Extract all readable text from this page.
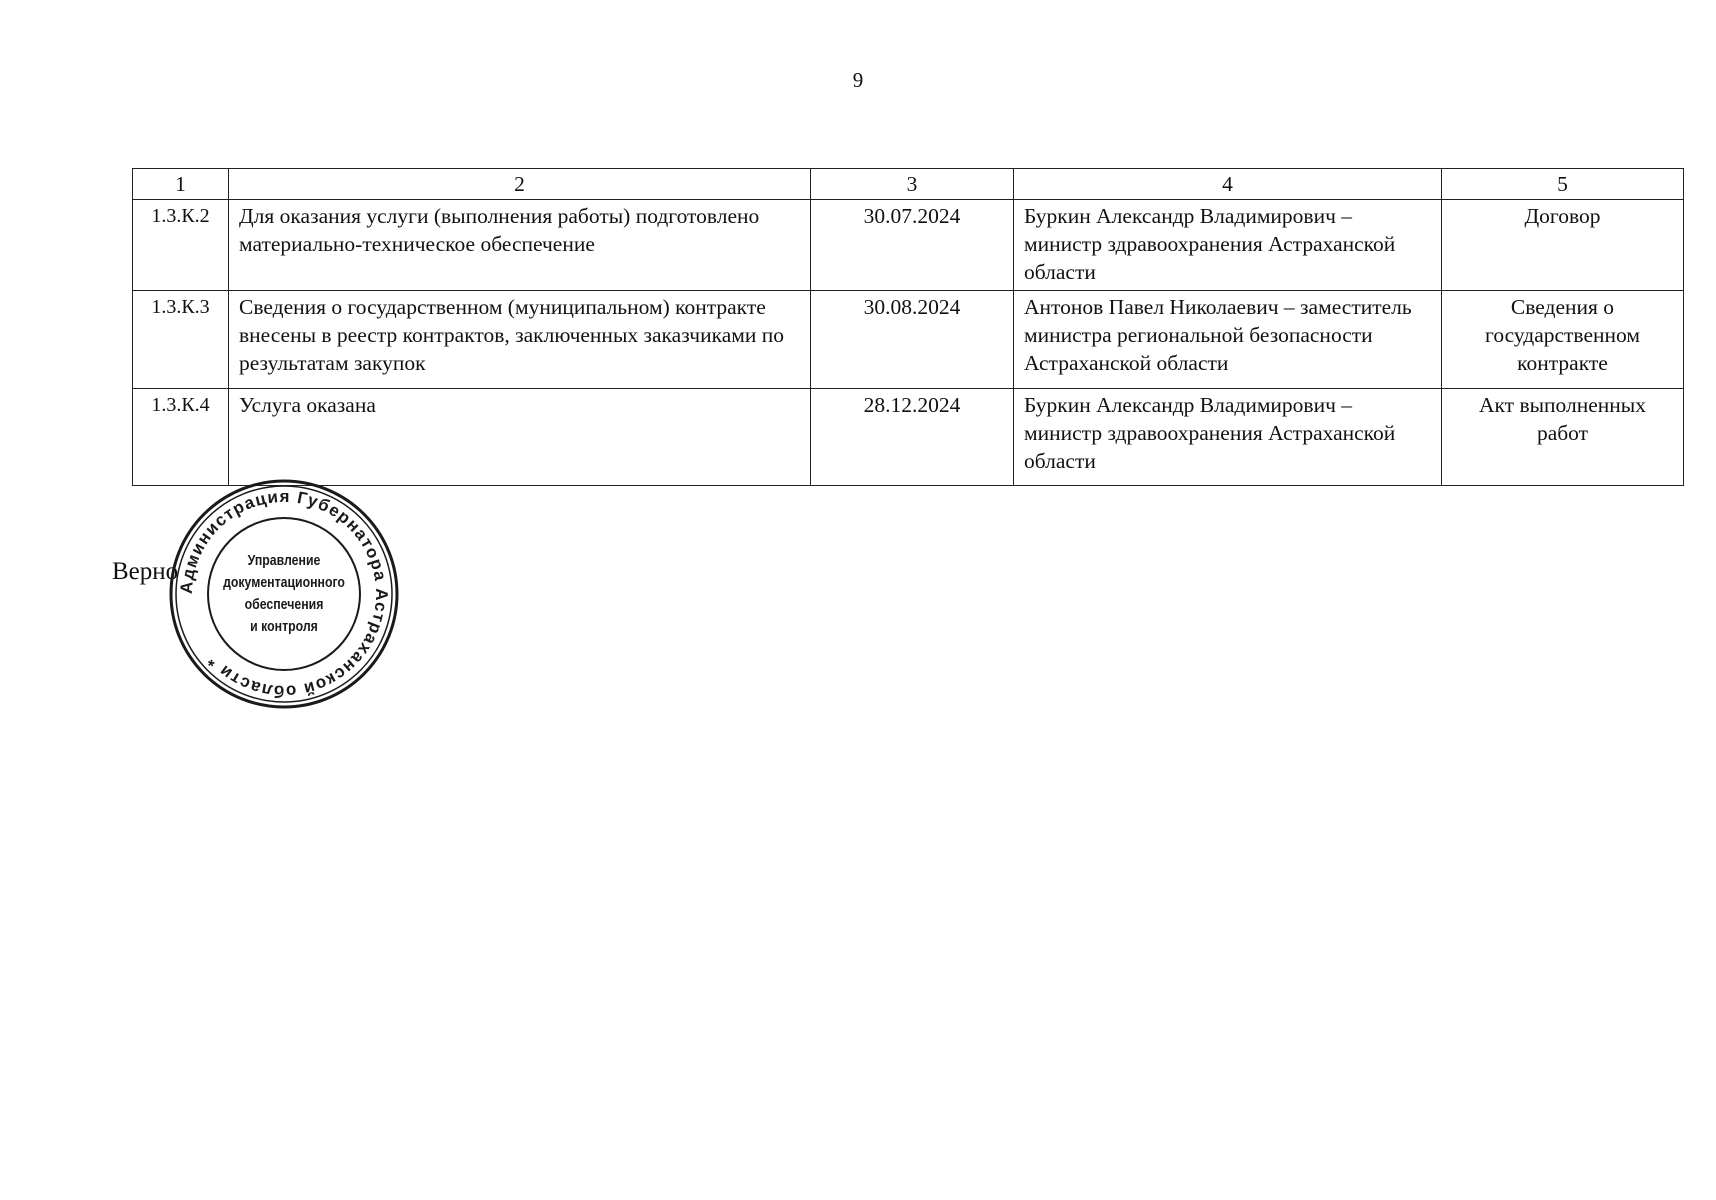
9
1	2	3	4	5
1.3.К.2	Для оказания услуги (выполнения работы) подготовлено материально-техническое обеспечение	30.07.2024	Буркин Александр Владимирович – министр здравоохранения Астраханской области	Договор
1.3.К.3	Сведения о государственном (муниципальном) контракте внесены в реестр контрактов, заключенных заказчиками по результатам закупок	30.08.2024	Антонов Павел Николаевич – заместитель министра региональной безопасности Астраханской области	Сведения о государственном контракте
1.3.К.4	Услуга оказана	28.12.2024	Буркин Александр Владимирович – министр здравоохранения Астраханской области	Акт выполненных работ
Верно
Администрация Губернатора Астраханской области *
Управление
документационного
обеспечения
и контроля
